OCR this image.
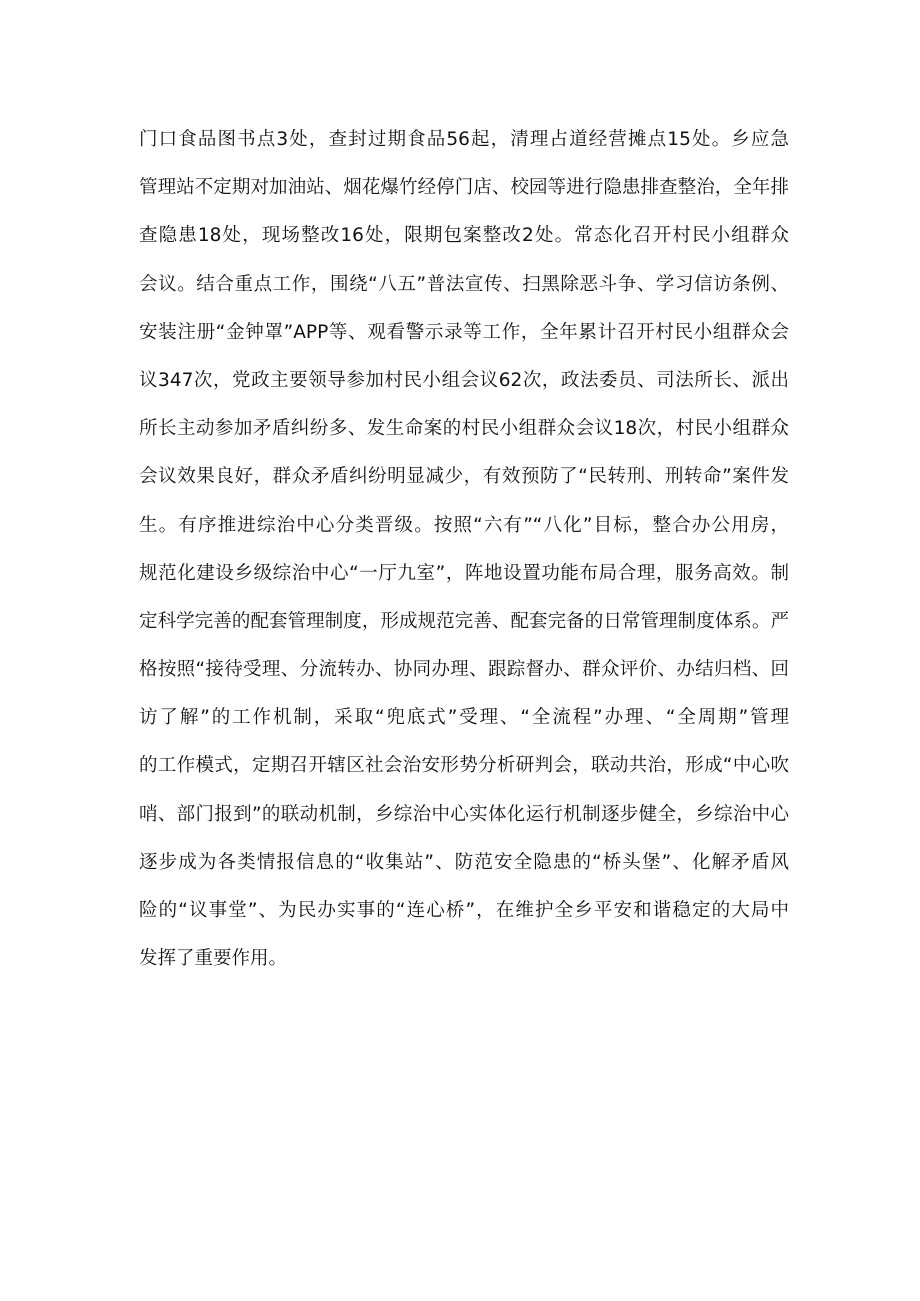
门口食品图书点3处，查封过期食品56起，清理占道经营摊点15处。乡应急
管理站不定期对加油站、烟花爆竹经停门店、校园等进行隐患排查整治，全年排
查隐患18处，现场整改16处，限期包案整改2处。常态化召开村民小组群众
会议。结合重点工作，围绕“八五”普法宣传、扫黑除恶斗争、学习信访条例、
安装注册“金钟罩”APP等、观看警示录等工作，全年累计召开村民小组群众会
议347次，党政主要领导参加村民小组会议62次，政法委员、司法所长、派出
所长主动参加矛盾纠纷多、发生命案的村民小组群众会议18次，村民小组群众
会议效果良好，群众矛盾纠纷明显减少，有效预防了“民转刑、刑转命”案件发
生。有序推进综治中心分类晋级。按照“六有”“八化”目标，整合办公用房，
规范化建设乡级综治中心“一厅九室”，阵地设置功能布局合理，服务高效。制
定科学完善的配套管理制度，形成规范完善、配套完备的日常管理制度体系。严
格按照“接待受理、分流转办、协同办理、跟踪督办、群众评价、办结归档、回
访了解”的工作机制，采取“兜底式”受理、“全流程”办理、“全周期”管理
的工作模式，定期召开辖区社会治安形势分析研判会，联动共治，形成“中心吹
哨、部门报到”的联动机制，乡综治中心实体化运行机制逐步健全，乡综治中心
逐步成为各类情报信息的“收集站”、防范安全隐患的“桥头堡”、化解矛盾风
险的“议事堂”、为民办实事的“连心桥”，在维护全乡平安和谐稳定的大局中
发挥了重要作用。
